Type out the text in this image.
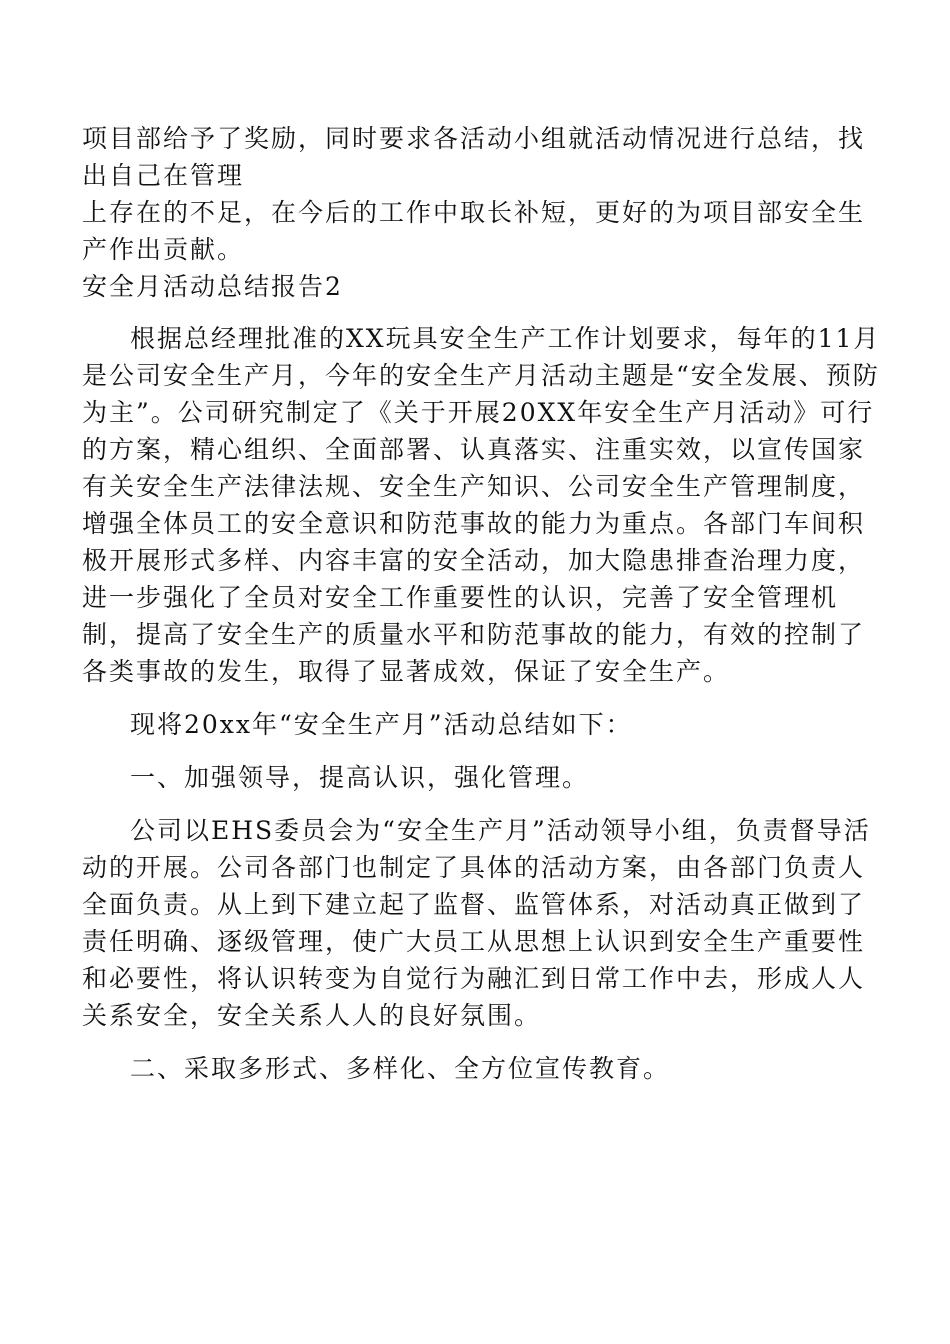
项目部给予了奖励，同时要求各活动小组就活动情况进行总结，找出自己在管理

上存在的不足，在今后的工作中取长补短，更好的为项目部安全生产作出贡献。

安全月活动总结报告2

根据总经理批准的XX玩具安全生产工作计划要求，每年的11月是公司安全生产月，今年的安全生产月活动主题是“安全发展、预防为主”。公司研究制定了《关于开展20XX年安全生产月活动》可行的方案，精心组织、全面部署、认真落实、注重实效，以宣传国家有关安全生产法律法规、安全生产知识、公司安全生产管理制度，增强全体员工的安全意识和防范事故的能力为重点。各部门车间积极开展形式多样、内容丰富的安全活动，加大隐患排查治理力度，进一步强化了全员对安全工作重要性的认识，完善了安全管理机制，提高了安全生产的质量水平和防范事故的能力，有效的控制了各类事故的发生，取得了显著成效，保证了安全生产。

现将20xx年“安全生产月”活动总结如下：

一、加强领导，提高认识，强化管理。

公司以EHS委员会为“安全生产月”活动领导小组，负责督导活动的开展。公司各部门也制定了具体的活动方案，由各部门负责人全面负责。从上到下建立起了监督、监管体系，对活动真正做到了责任明确、逐级管理，使广大员工从思想上认识到安全生产重要性和必要性，将认识转变为自觉行为融汇到日常工作中去，形成人人关系安全，安全关系人人的良好氛围。

二、采取多形式、多样化、全方位宣传教育。
